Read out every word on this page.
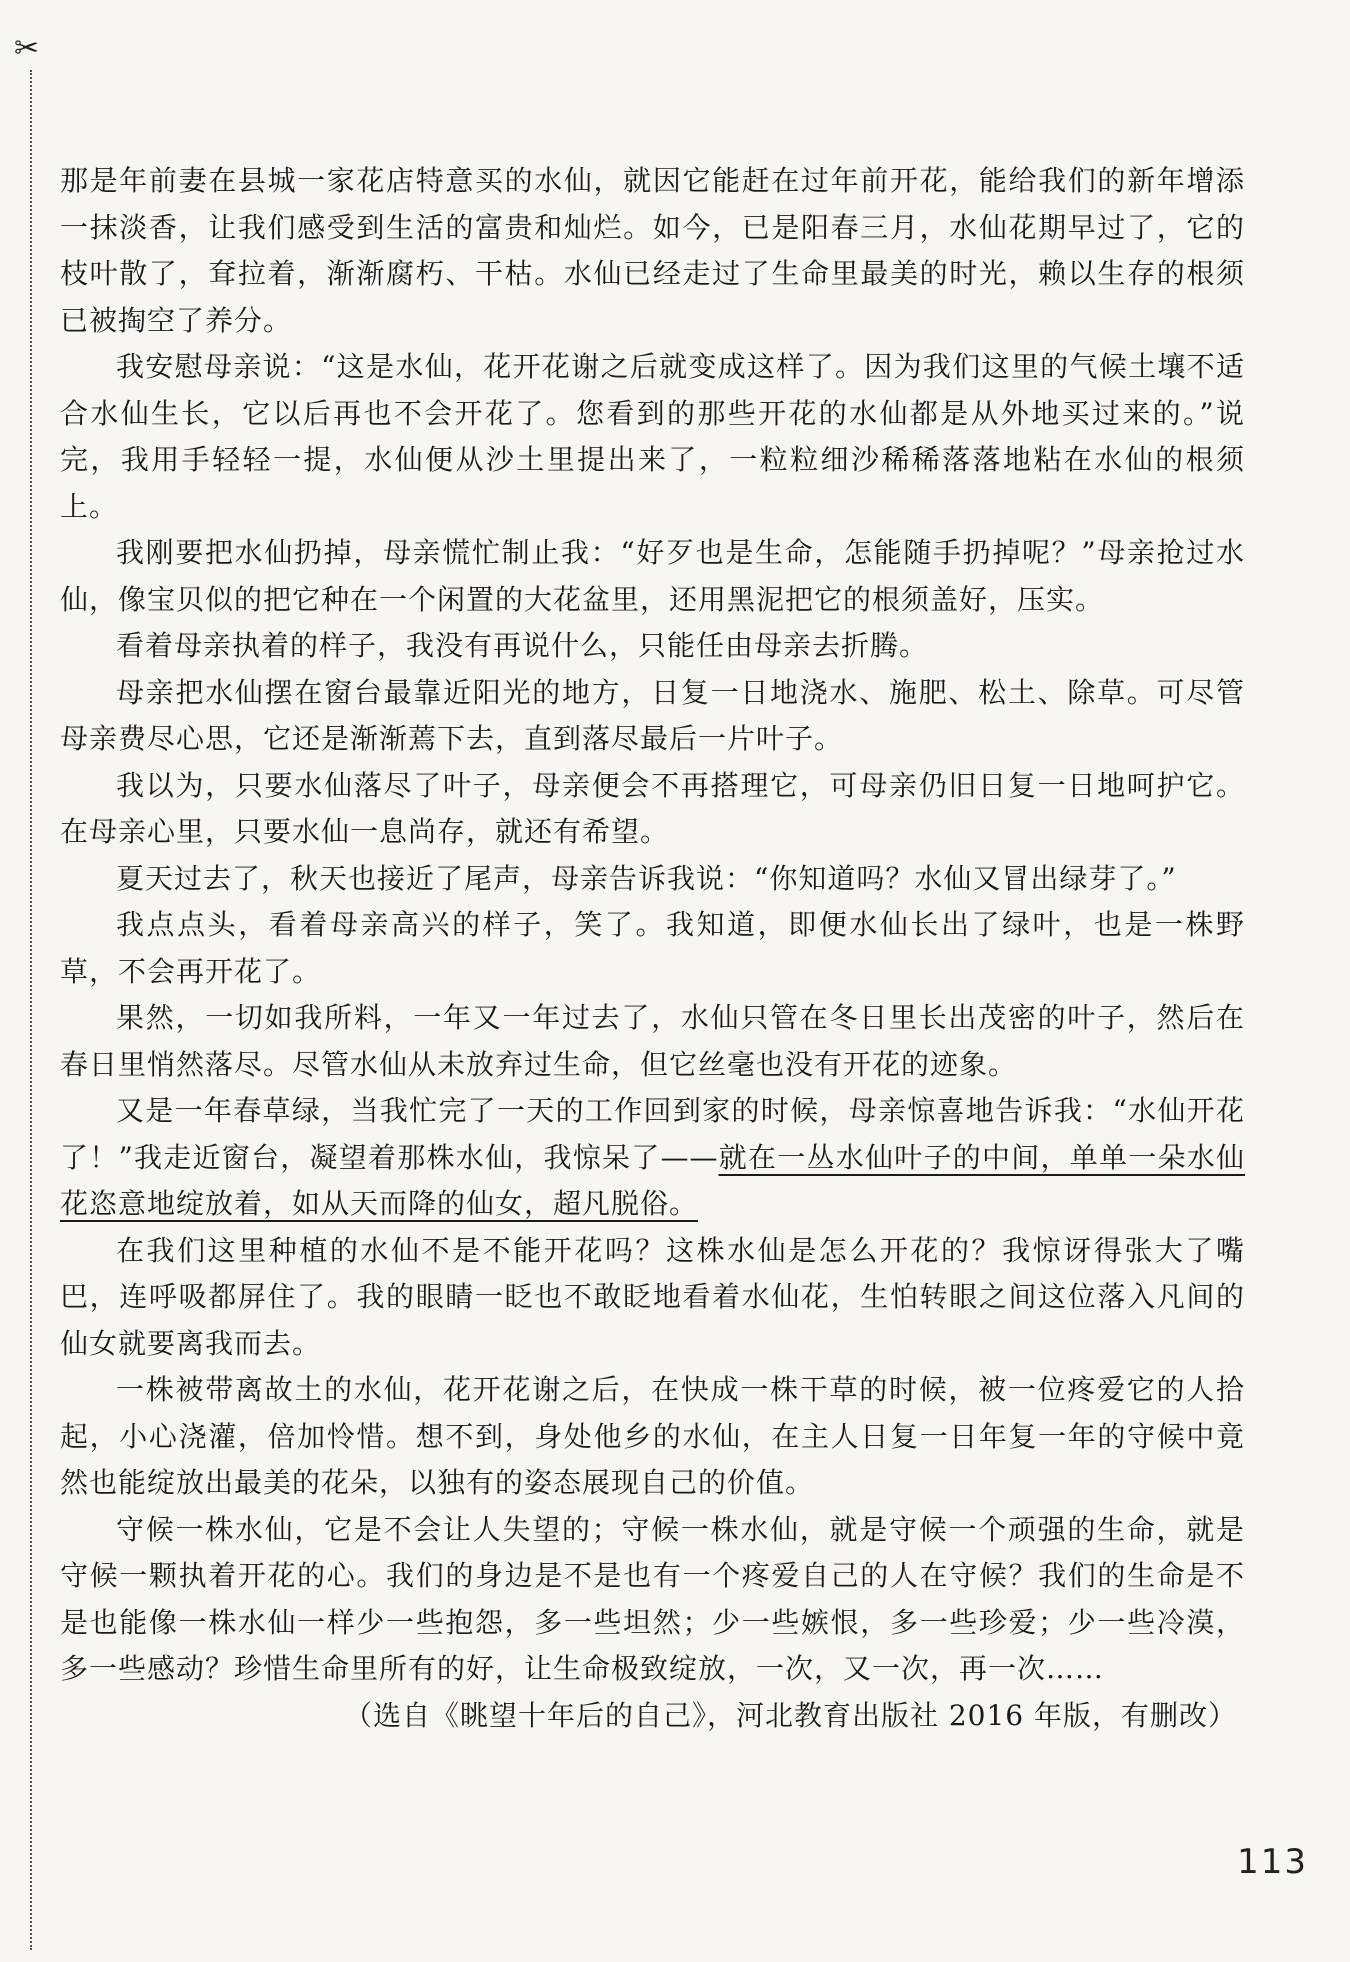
✂

那是年前妻在县城一家花店特意买的水仙，就因它能赶在过年前开花，能给我们的新年增添一抹淡香，让我们感受到生活的富贵和灿烂。如今，已是阳春三月，水仙花期早过了，它的枝叶散了，耷拉着，渐渐腐朽、干枯。水仙已经走过了生命里最美的时光，赖以生存的根须已被掏空了养分。

我安慰母亲说：“这是水仙，花开花谢之后就变成这样了。因为我们这里的气候土壤不适合水仙生长，它以后再也不会开花了。您看到的那些开花的水仙都是从外地买过来的。”说完，我用手轻轻一提，水仙便从沙土里提出来了，一粒粒细沙稀稀落落地粘在水仙的根须上。

我刚要把水仙扔掉，母亲慌忙制止我：“好歹也是生命，怎能随手扔掉呢？”母亲抢过水仙，像宝贝似的把它种在一个闲置的大花盆里，还用黑泥把它的根须盖好，压实。

看着母亲执着的样子，我没有再说什么，只能任由母亲去折腾。

母亲把水仙摆在窗台最靠近阳光的地方，日复一日地浇水、施肥、松土、除草。可尽管母亲费尽心思，它还是渐渐蔫下去，直到落尽最后一片叶子。

我以为，只要水仙落尽了叶子，母亲便会不再搭理它，可母亲仍旧日复一日地呵护它。在母亲心里，只要水仙一息尚存，就还有希望。

夏天过去了，秋天也接近了尾声，母亲告诉我说：“你知道吗？水仙又冒出绿芽了。”

我点点头，看着母亲高兴的样子，笑了。我知道，即便水仙长出了绿叶，也是一株野草，不会再开花了。

果然，一切如我所料，一年又一年过去了，水仙只管在冬日里长出茂密的叶子，然后在春日里悄然落尽。尽管水仙从未放弃过生命，但它丝毫也没有开花的迹象。

又是一年春草绿，当我忙完了一天的工作回到家的时候，母亲惊喜地告诉我：“水仙开花了！”我走近窗台，凝望着那株水仙，我惊呆了——就在一丛水仙叶子的中间，单单一朵水仙花恣意地绽放着，如从天而降的仙女，超凡脱俗。

在我们这里种植的水仙不是不能开花吗？这株水仙是怎么开花的？我惊讶得张大了嘴巴，连呼吸都屏住了。我的眼睛一眨也不敢眨地看着水仙花，生怕转眼之间这位落入凡间的仙女就要离我而去。

一株被带离故土的水仙，花开花谢之后，在快成一株干草的时候，被一位疼爱它的人拾起，小心浇灌，倍加怜惜。想不到，身处他乡的水仙，在主人日复一日年复一年的守候中竟然也能绽放出最美的花朵，以独有的姿态展现自己的价值。

守候一株水仙，它是不会让人失望的；守候一株水仙，就是守候一个顽强的生命，就是守候一颗执着开花的心。我们的身边是不是也有一个疼爱自己的人在守候？我们的生命是不是也能像一株水仙一样少一些抱怨，多一些坦然；少一些嫉恨，多一些珍爱；少一些冷漠，多一些感动？珍惜生命里所有的好，让生命极致绽放，一次，又一次，再一次……

（选自《眺望十年后的自己》，河北教育出版社 2016 年版，有删改）

113
